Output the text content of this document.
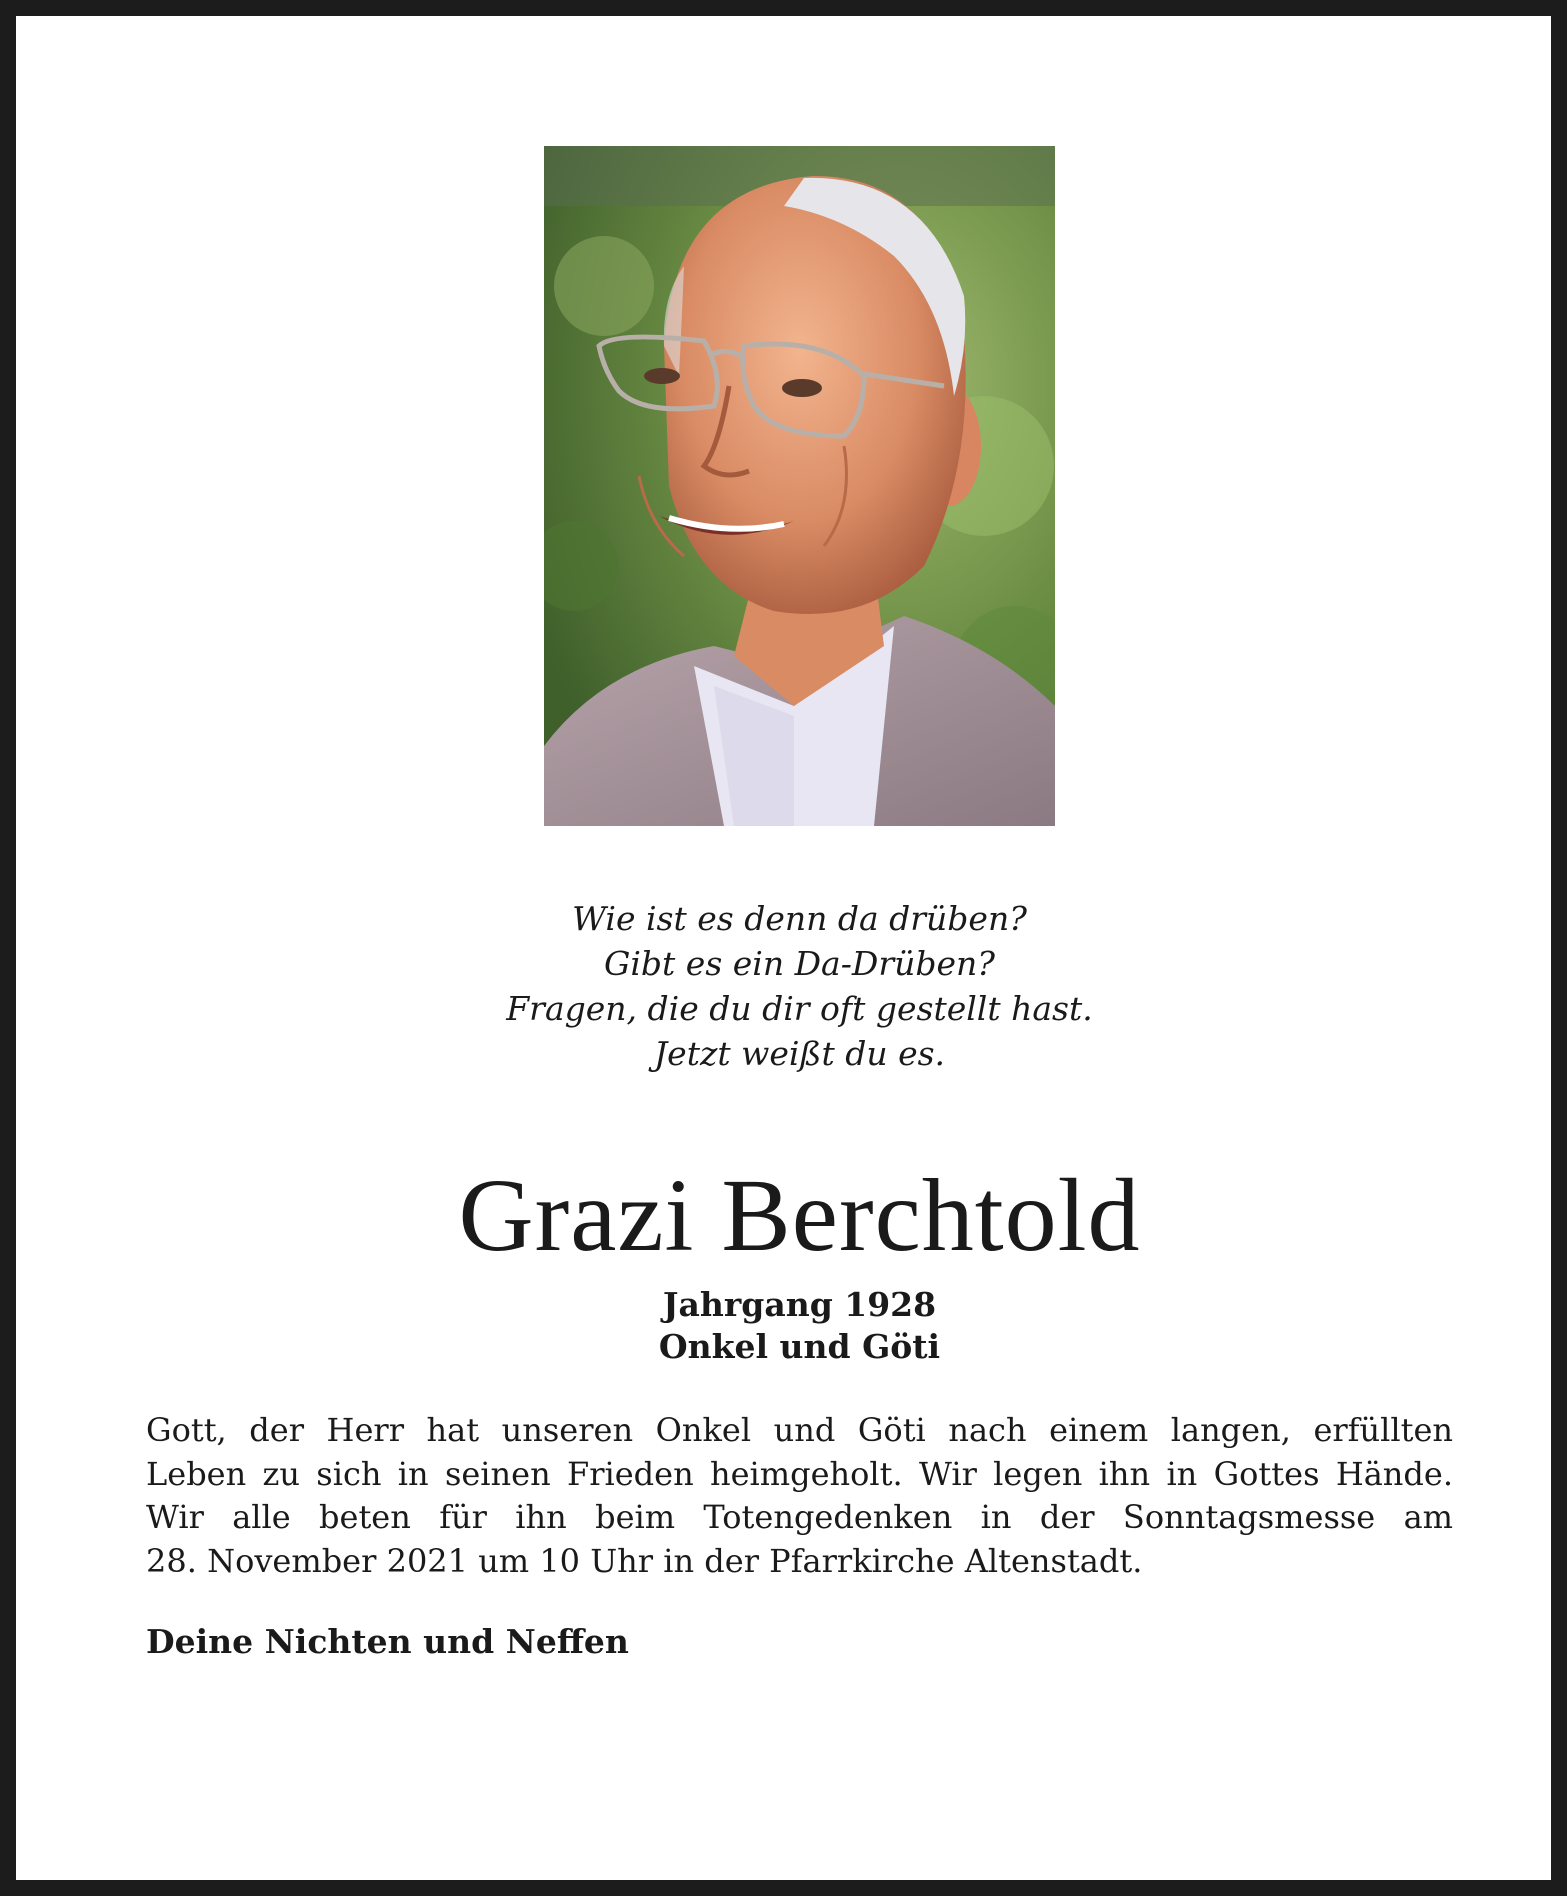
Wie ist es denn da drüben?
Gibt es ein Da-Drüben?
Fragen, die du dir oft gestellt hast.
Jetzt weißt du es.
Grazi Berchtold
Jahrgang 1928
Onkel und Göti
Gott, der Herr hat unseren Onkel und Göti nach einem langen, erfüllten
Leben zu sich in seinen Frieden heimgeholt. Wir legen ihn in Gottes Hände.
Wir alle beten für ihn beim Totengedenken in der Sonntagsmesse am
28. November 2021 um 10 Uhr in der Pfarrkirche Altenstadt.
Deine Nichten und Neffen
